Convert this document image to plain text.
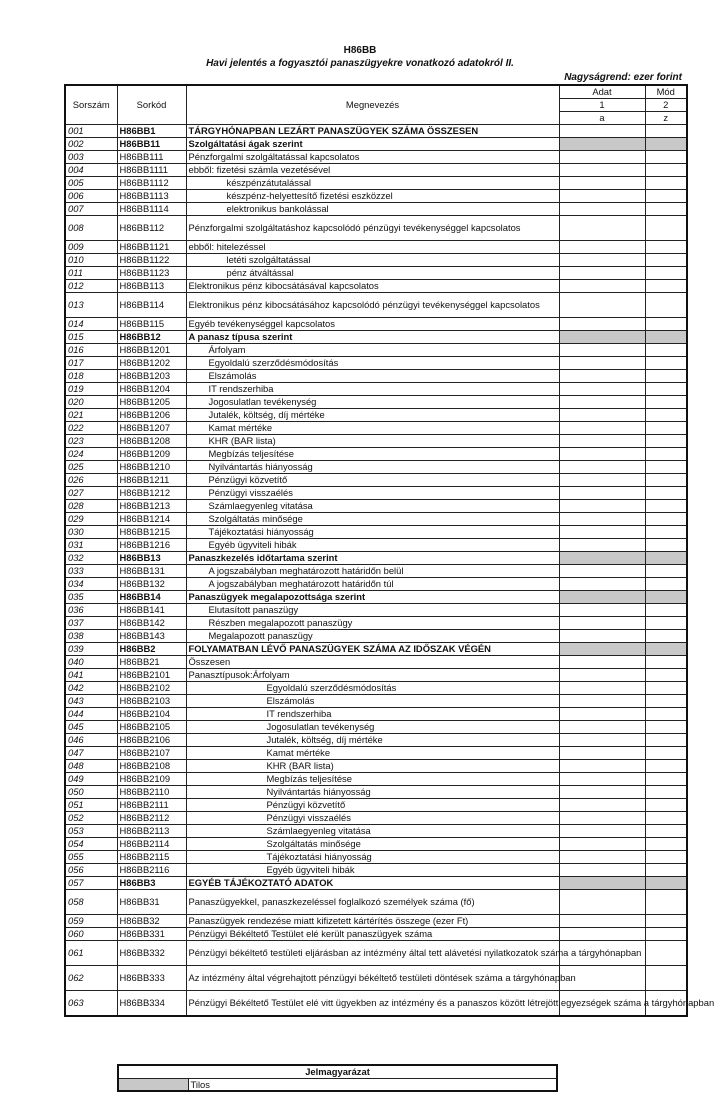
H86BB
Havi jelentés a fogyasztói panaszügyekre vonatkozó adatokról II.
Nagyságrend: ezer forint
Sorszám	Sorkód	Megnevezés	Adat	Mód
			1	2
			a	z
001	H86BB1	TÁRGYHÓNAPBAN LEZÁRT PANASZÜGYEK SZÁMA ÖSSZESEN		
002	H86BB11	Szolgáltatási ágak szerint		
003	H86BB111	Pénzforgalmi szolgáltatással kapcsolatos		
004	H86BB1111	ebből: fizetési számla vezetésével		
005	H86BB1112	készpénzátutalással		
006	H86BB1113	készpénz-helyettesítő fizetési eszközzel		
007	H86BB1114	elektronikus bankolással		
008	H86BB112	Pénzforgalmi szolgáltatáshoz kapcsolódó pénzügyi tevékenységgel kapcsolatos		
009	H86BB1121	ebből: hitelezéssel		
010	H86BB1122	letéti szolgáltatással		
011	H86BB1123	pénz átváltással		
012	H86BB113	Elektronikus pénz kibocsátásával kapcsolatos		
013	H86BB114	Elektronikus pénz kibocsátásához kapcsolódó pénzügyi tevékenységgel kapcsolatos		
014	H86BB115	Egyéb tevékenységgel kapcsolatos		
015	H86BB12	A panasz típusa szerint		
016	H86BB1201	Árfolyam		
017	H86BB1202	Egyoldalú szerződésmódosítás		
018	H86BB1203	Elszámolás		
019	H86BB1204	IT rendszerhiba		
020	H86BB1205	Jogosulatlan tevékenység		
021	H86BB1206	Jutalék, költség, díj mértéke		
022	H86BB1207	Kamat mértéke		
023	H86BB1208	KHR (BAR lista)		
024	H86BB1209	Megbízás teljesítése		
025	H86BB1210	Nyilvántartás hiányosság		
026	H86BB1211	Pénzügyi közvetítő		
027	H86BB1212	Pénzügyi visszaélés		
028	H86BB1213	Számlaegyenleg vitatása		
029	H86BB1214	Szolgáltatás minősége		
030	H86BB1215	Tájékoztatási hiányosság		
031	H86BB1216	Egyéb ügyviteli hibák		
032	H86BB13	Panaszkezelés időtartama szerint		
033	H86BB131	A jogszabályban meghatározott határidőn belül		
034	H86BB132	A jogszabályban meghatározott határidőn túl		
035	H86BB14	Panaszügyek megalapozottsága szerint		
036	H86BB141	Elutasított panaszügy		
037	H86BB142	Részben megalapozott panaszügy		
038	H86BB143	Megalapozott panaszügy		
039	H86BB2	FOLYAMATBAN LÉVŐ PANASZÜGYEK SZÁMA AZ IDŐSZAK VÉGÉN		
040	H86BB21	Összesen		
041	H86BB2101	Panasztípusok:Árfolyam		
042	H86BB2102	Egyoldalú szerződésmódosítás		
043	H86BB2103	Elszámolás		
044	H86BB2104	IT rendszerhiba		
045	H86BB2105	Jogosulatlan tevékenység		
046	H86BB2106	Jutalék, költség, díj mértéke		
047	H86BB2107	Kamat mértéke		
048	H86BB2108	KHR (BAR lista)		
049	H86BB2109	Megbízás teljesítése		
050	H86BB2110	Nyilvántartás hiányosság		
051	H86BB2111	Pénzügyi közvetítő		
052	H86BB2112	Pénzügyi visszaélés		
053	H86BB2113	Számlaegyenleg vitatása		
054	H86BB2114	Szolgáltatás minősége		
055	H86BB2115	Tájékoztatási hiányosság		
056	H86BB2116	Egyéb ügyviteli hibák		
057	H86BB3	EGYÉB TÁJÉKOZTATÓ ADATOK		
058	H86BB31	Panaszügyekkel, panaszkezeléssel foglalkozó személyek száma (fő)		
059	H86BB32	Panaszügyek rendezése miatt kifizetett kártérítés összege (ezer Ft)		
060	H86BB331	Pénzügyi Békéltető Testület elé került panaszügyek száma		
061	H86BB332	Pénzügyi békéltető testületi eljárásban az intézmény által tett alávetési nyilatkozatok száma a tárgyhónapban		
062	H86BB333	Az intézmény által végrehajtott pénzügyi békéltető testületi döntések száma a tárgyhónapban		
063	H86BB334	Pénzügyi Békéltető Testület elé vitt ügyekben az intézmény és a panaszos között létrejött egyezségek száma a tárgyhónapban		
Jelmagyarázat
	Tilos
